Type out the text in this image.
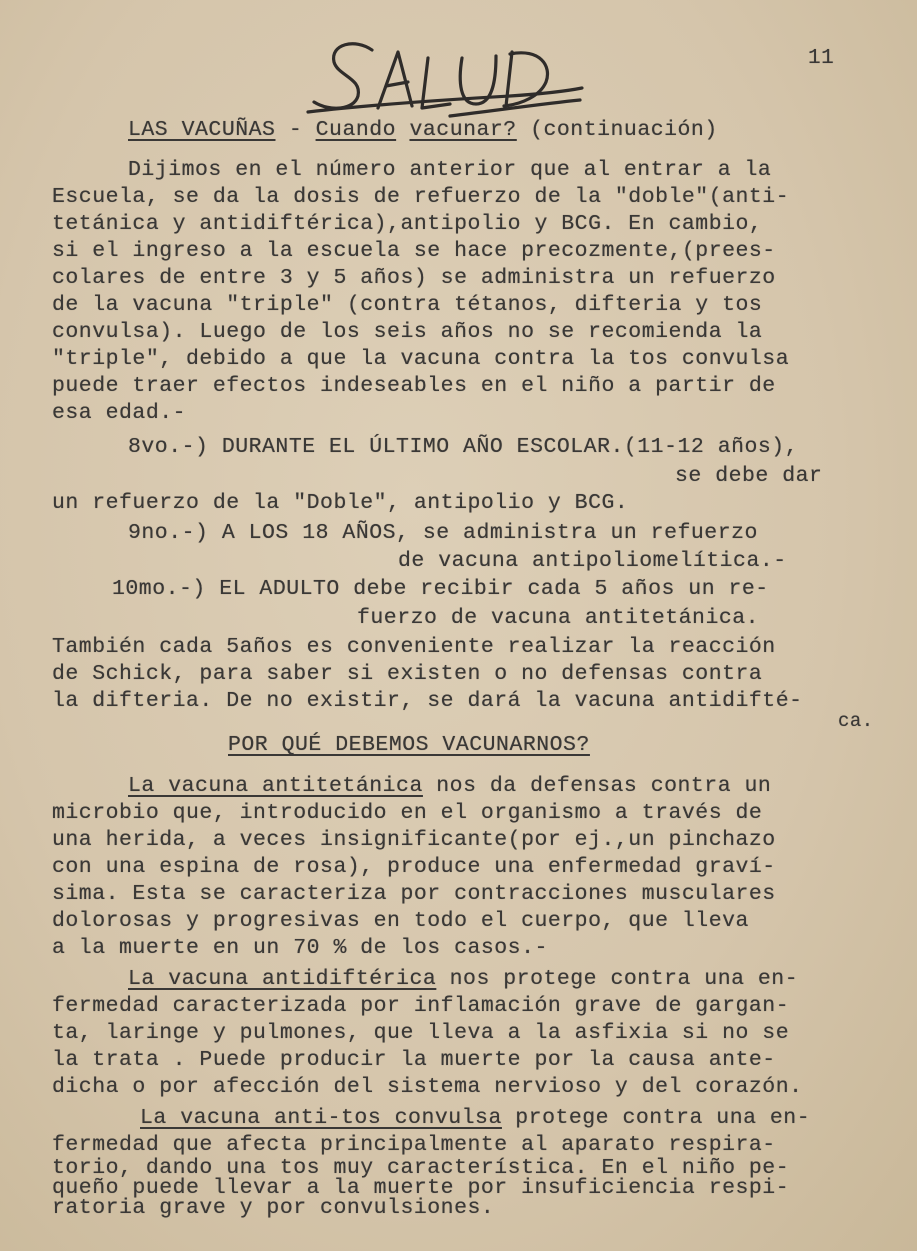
11
LAS VACUÑAS - Cuando vacunar? (continuación)
Dijimos en el número anterior que al entrar a la
Escuela, se da la dosis de refuerzo de la "doble"(anti-
tetánica y antidiftérica),antipolio y BCG. En cambio,
si el ingreso a la escuela se hace precozmente,(prees-
colares de entre 3 y 5 años) se administra un refuerzo
de la vacuna "triple" (contra tétanos, difteria y tos
convulsa). Luego de los seis años no se recomienda la
"triple", debido a que la vacuna contra la tos convulsa
puede traer efectos indeseables en el niño a partir de
esa edad.-
8vo.-) DURANTE EL ÚLTIMO AÑO ESCOLAR.(11-12 años),
se debe dar
un refuerzo de la "Doble", antipolio y BCG.
9no.-) A LOS 18 AÑOS, se administra un refuerzo
de vacuna antipoliomelítica.-
10mo.-) EL ADULTO debe recibir cada 5 años un re-
fuerzo de vacuna antitetánica.
También cada 5años es conveniente realizar la reacción
de Schick, para saber si existen o no defensas contra
la difteria. De no existir, se dará la vacuna antidifté-
ca.
POR QUÉ DEBEMOS VACUNARNOS?
La vacuna antitetánica nos da defensas contra un
microbio que, introducido en el organismo a través de
una herida, a veces insignificante(por ej.,un pinchazo
con una espina de rosa), produce una enfermedad graví-
sima. Esta se caracteriza por contracciones musculares
dolorosas y progresivas en todo el cuerpo, que lleva
a la muerte en un 70 % de los casos.-
La vacuna antidiftérica nos protege contra una en-
fermedad caracterizada por inflamación grave de gargan-
ta, laringe y pulmones, que lleva a la asfixia si no se
la trata . Puede producir la muerte por la causa ante-
dicha o por afección del sistema nervioso y del corazón.
La vacuna anti-tos convulsa protege contra una en-
fermedad que afecta principalmente al aparato respira-
torio, dando una tos muy característica. En el niño pe-
queño puede llevar a la muerte por insuficiencia respi-
ratoria grave y por convulsiones.
